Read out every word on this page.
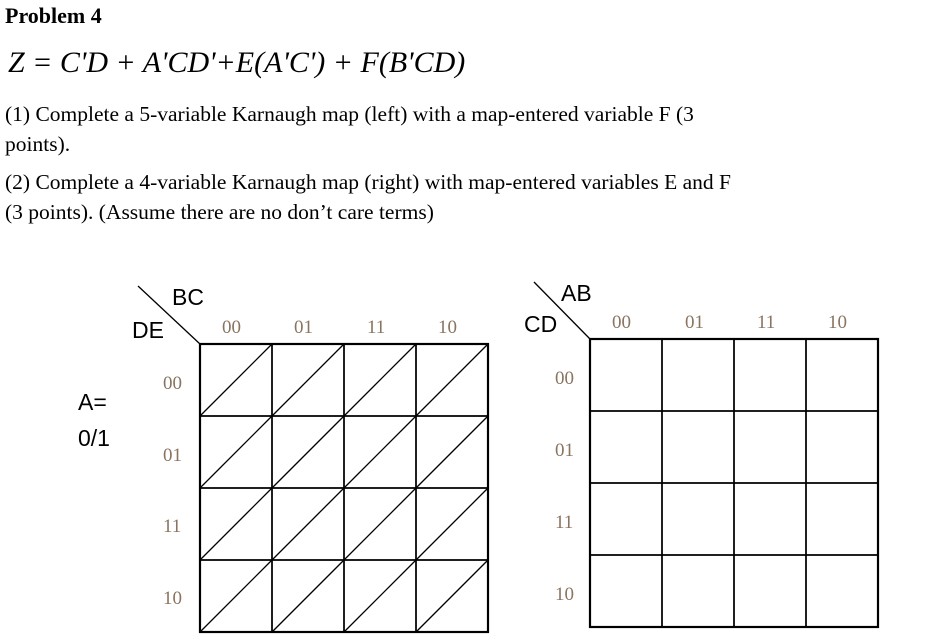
Problem 4
Z = C'D + A'CD'+E(A'C') + F(B'CD)
(1) Complete a 5-variable Karnaugh map (left) with a map-entered variable F (3
points).
(2) Complete a 4-variable Karnaugh map (right) with map-entered variables E and F
(3 points). (Assume there are no don’t care terms)
BC
DE
A=
0/1
00	01	11	10
00
01
11
10
AB
CD	00	01	11	10
00
01
11
10
